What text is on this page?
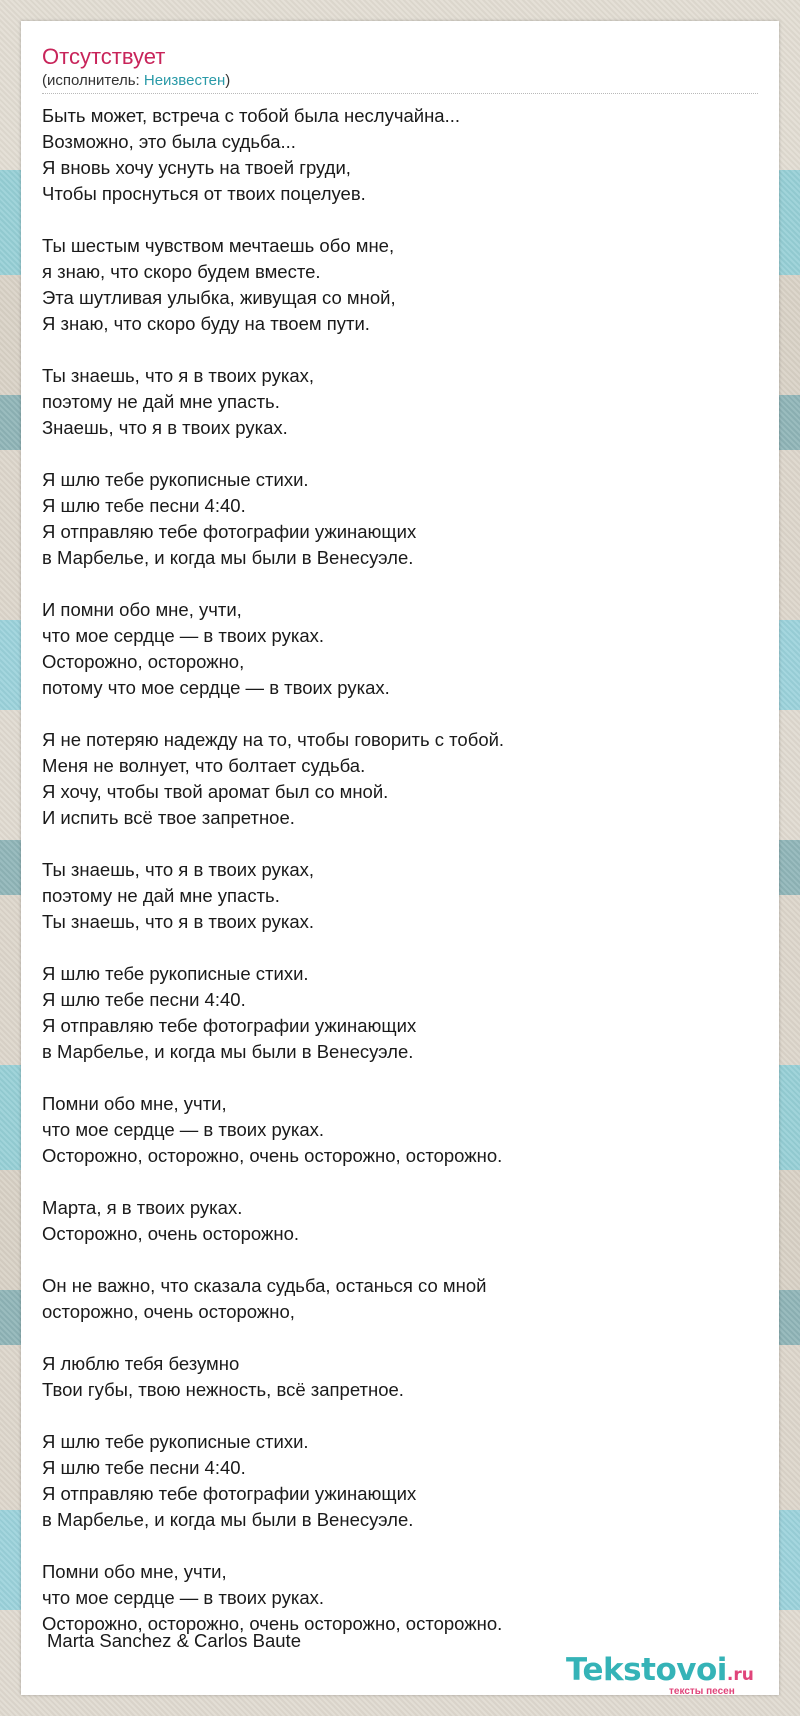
Отсутствует
(исполнитель: Неизвестен)
Быть может, встреча с тобой была неслучайна...
Возможно, это была судьба...
Я вновь хочу уснуть на твоей груди,
Чтобы проснуться от твоих поцелуев.
Ты шестым чувством мечтаешь обо мне,
я знаю, что скоро будем вместе.
Эта шутливая улыбка, живущая со мной,
Я знаю, что скоро буду на твоем пути.
Ты знаешь, что я в твоих руках,
поэтому не дай мне упасть.
Знаешь, что я в твоих руках.
Я шлю тебе рукописные стихи.
Я шлю тебе песни 4:40.
Я отправляю тебе фотографии ужинающих
в Марбелье, и когда мы были в Венесуэле.
И помни обо мне, учти,
что мое сердце — в твоих руках.
Осторожно, осторожно,
потому что мое сердце — в твоих руках.
Я не потеряю надежду на то, чтобы говорить с тобой.
Меня не волнует, что болтает судьба.
Я хочу, чтобы твой аромат был со мной.
И испить всё твое запретное.
Ты знаешь, что я в твоих руках,
поэтому не дай мне упасть.
Ты знаешь, что я в твоих руках.
Я шлю тебе рукописные стихи.
Я шлю тебе песни 4:40.
Я отправляю тебе фотографии ужинающих
в Марбелье, и когда мы были в Венесуэле.
Помни обо мне, учти,
что мое сердце — в твоих руках.
Осторожно, осторожно, очень осторожно, осторожно.
Марта, я в твоих руках.
Осторожно, очень осторожно.
Он не важно, что сказала судьба, останься со мной
осторожно, очень осторожно,
Я люблю тебя безумно
Твои губы, твою нежность, всё запретное.
Я шлю тебе рукописные стихи.
Я шлю тебе песни 4:40.
Я отправляю тебе фотографии ужинающих
в Марбелье, и когда мы были в Венесуэле.
Помни обо мне, учти,
что мое сердце — в твоих руках.
Осторожно, осторожно, очень осторожно, осторожно.
Marta Sanchez & Carlos Baute
Tekstovoi.ru
тексты песен
